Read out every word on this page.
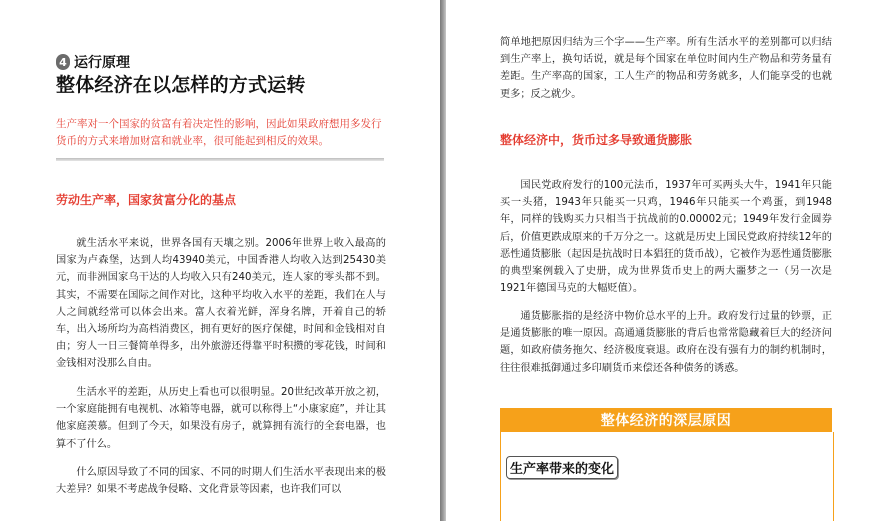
4 运行原理
整体经济在以怎样的方式运转
生产率对一个国家的贫富有着决定性的影响，因此如果政府想用多发行货币的方式来增加财富和就业率，很可能起到相反的效果。
劳动生产率，国家贫富分化的基点
就生活水平来说，世界各国有天壤之别。2006年世界上收入最高的国家为卢森堡，达到人均43940美元，中国香港人均收入达到25430美元，而非洲国家乌干达的人均收入只有240美元，连人家的零头都不到。其实，不需要在国际之间作对比，这种平均收入水平的差距，我们在人与人之间就经常可以体会出来。富人衣着光鲜，浑身名牌，开着自己的轿车，出入场所均为高档消费区，拥有更好的医疗保健，时间和金钱相对自由；穷人一日三餐简单得多，出外旅游还得靠平时积攒的零花钱，时间和金钱相对没那么自由。
生活水平的差距，从历史上看也可以很明显。20世纪改革开放之初，一个家庭能拥有电视机、冰箱等电器，就可以称得上“小康家庭”，并让其他家庭羡慕。但到了今天，如果没有房子，就算拥有流行的全套电器，也算不了什么。
什么原因导致了不同的国家、不同的时期人们生活水平表现出来的极大差异？如果不考虑战争侵略、文化背景等因素，也许我们可以
简单地把原因归结为三个字——生产率。所有生活水平的差别都可以归结到生产率上，换句话说，就是每个国家在单位时间内生产物品和劳务量有差距。生产率高的国家，工人生产的物品和劳务就多，人们能享受的也就更多；反之就少。
整体经济中，货币过多导致通货膨胀
国民党政府发行的100元法币，1937年可买两头大牛，1941年只能买一头猪，1943年只能买一只鸡，1946年只能买一个鸡蛋，到1948年，同样的钱购买力只相当于抗战前的0.00002元；1949年发行金圆券后，价值更跌成原来的千万分之一。这就是历史上国民党政府持续12年的恶性通货膨胀（起因是抗战时日本猖狂的货币战），它被作为恶性通货膨胀的典型案例载入了史册，成为世界货币史上的两大噩梦之一（另一次是1921年德国马克的大幅贬值）。
通货膨胀指的是经济中物价总水平的上升。政府发行过量的钞票，正是通货膨胀的唯一原因。高通通货膨胀的背后也常常隐藏着巨大的经济问题，如政府债务拖欠、经济极度衰退。政府在没有强有力的制约机制时，往往很难抵御通过多印刷货币来偿还各种债务的诱惑。
整体经济的深层原因
生产率带来的变化
